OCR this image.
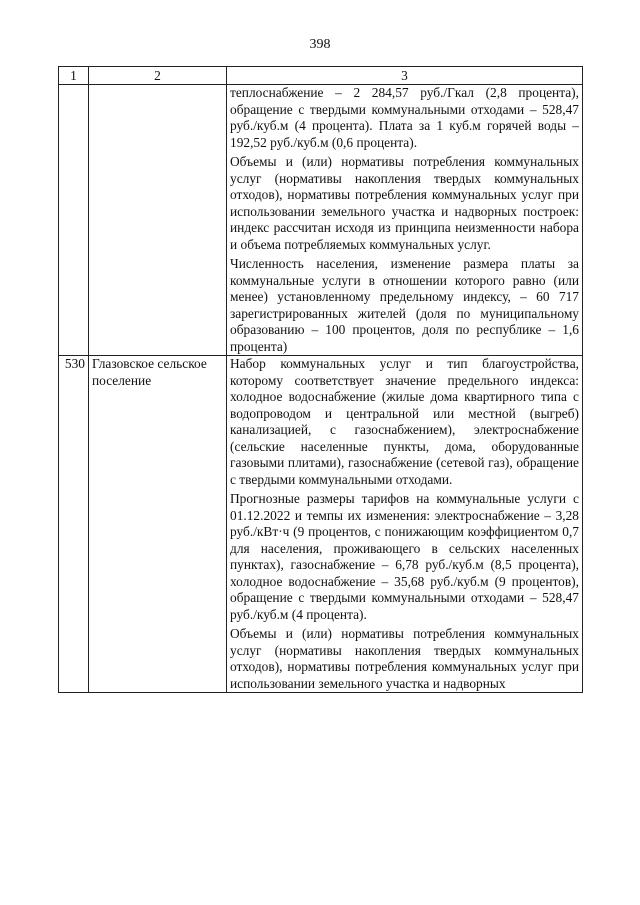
398
1	2	3

		теплоснабжение – 2 284,57 руб./Гкал (2,8 процента), обращение с твердыми коммунальными отходами – 528,47 руб./куб.м (4 процента). Плата за 1 куб.м горячей воды – 192,52 руб./куб.м (0,6 процента).

Объемы и (или) нормативы потребления коммунальных услуг (нормативы накопления твердых коммунальных отходов), нормативы потребления коммунальных услуг при использовании земельного участка и надворных построек: индекс рассчитан исходя из принципа неизменности набора и объема потребляемых коммунальных услуг.

Численность населения, изменение размера платы за коммунальные услуги в отношении которого равно (или менее) установленному предельному индексу, – 60 717 зарегистрированных жителей (доля по муниципальному образованию – 100 процентов, доля по республике – 1,6 процента)

530	Глазовское сельское поселение	Набор коммунальных услуг и тип благоустройства, которому соответствует значение предельного индекса: холодное водоснабжение (жилые дома квартирного типа с водопроводом и центральной или местной (выгреб) канализацией, с газоснабжением), электроснабжение (сельские населенные пункты, дома, оборудованные газовыми плитами), газоснабжение (сетевой газ), обращение с твердыми коммунальными отходами.

Прогнозные размеры тарифов на коммунальные услуги с 01.12.2022 и темпы их изменения: электроснабжение – 3,28 руб./кВт·ч (9 процентов, с понижающим коэффициентом 0,7 для населения, проживающего в сельских населенных пунктах), газоснабжение – 6,78 руб./куб.м (8,5 процента), холодное водоснабжение – 35,68 руб./куб.м (9 процентов), обращение с твердыми коммунальными отходами – 528,47 руб./куб.м (4 процента).

Объемы и (или) нормативы потребления коммунальных услуг (нормативы накопления твердых коммунальных отходов), нормативы потребления коммунальных услуг при использовании земельного участка и надворных
